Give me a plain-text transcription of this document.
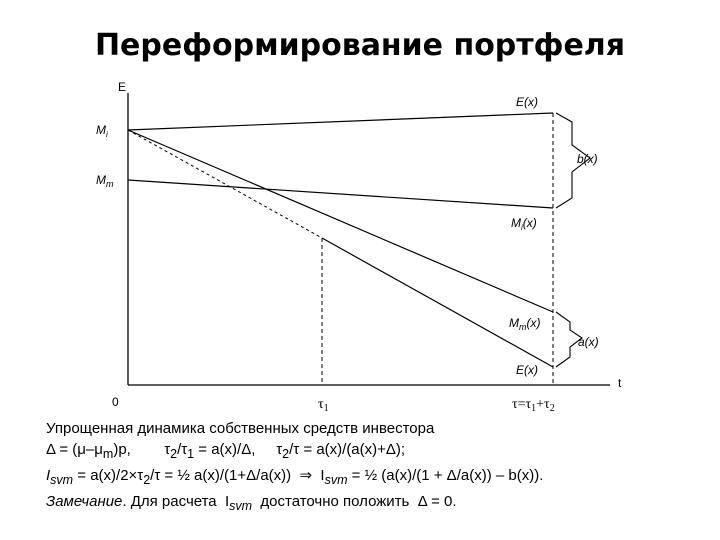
Переформирование портфеля
E
t
0
$M_i$
$M_m$
E(x)
b(x)
$M_i(x)$
$M_m(x)$
a(x)
E(x)
$\tau_1$	$\tau=\tau_1+\tau_2$
Упрощенная динамика собственных средств инвестора
$\Delta = (\mu-\mu_m)p$,        $\tau_2/\tau_1 = a(x)/\Delta$,     $\tau_2/\tau = a(x)/(a(x)+\Delta)$;
$I_{svm} = a(x)/2\times\tau_2/\tau$ = ½ a(x)/(1+Δ/a(x))  ⇒  $I_{svm}$ = ½ (a(x)/(1 + Δ/a(x)) – b(x)).
Замечание. Для расчета  $I_{svm}$  достаточно положить  Δ = 0.
